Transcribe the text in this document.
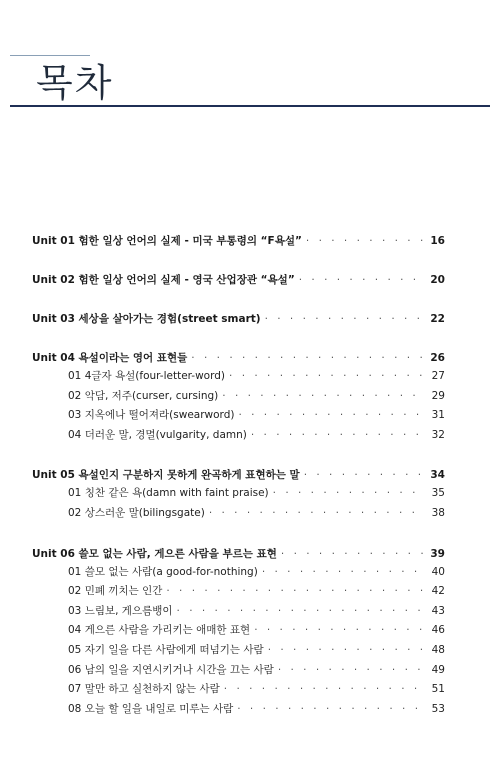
목차
Unit 01 험한 일상 언어의 실제 - 미국 부통령의 “F욕설” · · ·	16
Unit 02 험한 일상 언어의 실제 - 영국 산업장관 “욕설” · · ·	20
Unit 03 세상을 살아가는 경험(street smart) · · ·	22
Unit 04 욕설이라는 영어 표현들 · · ·	26
01 4글자 욕설(four-letter-word) · · ·	27
02 악담, 저주(curser, cursing) · · ·	29
03 지옥에나 떨어져라(swearword) · · ·	31
04 더러운 말, 경멸(vulgarity, damn) · · ·	32
Unit 05 욕설인지 구분하지 못하게 완곡하게 표현하는 말 · · ·	34
01 칭찬 같은 욕(damn with faint praise) · · ·	35
02 상스러운 말(bilingsgate) · · ·	38
Unit 06 쓸모 없는 사람, 게으른 사람을 부르는 표현 · · ·	39
01 쓸모 없는 사람(a good-for-nothing) · · ·	40
02 민폐 끼치는 인간 · · ·	42
03 느림보, 게으름뱅이 · · ·	43
04 게으른 사람을 가리키는 애매한 표현 · · ·	46
05 자기 일을 다른 사람에게 떠넘기는 사람 · · ·	48
06 남의 일을 지연시키거나 시간을 끄는 사람 · · ·	49
07 말만 하고 실천하지 않는 사람 · · ·	51
08 오늘 할 일을 내일로 미루는 사람 · · ·	53
